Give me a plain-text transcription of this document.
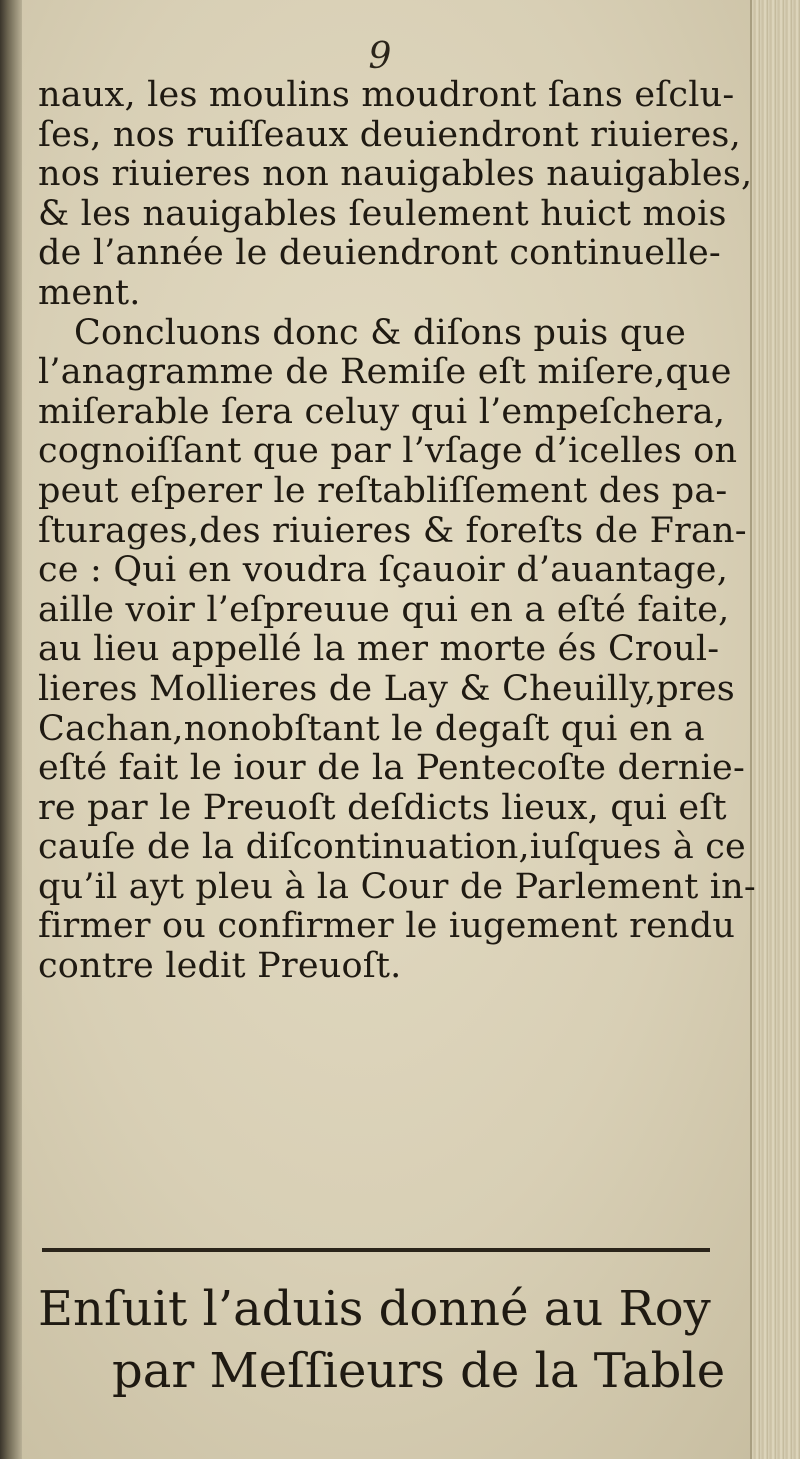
9
naux, les moulins moudront ſans eſclu-
ſes, nos ruiſſeaux deuiendront riuieres,
nos riuieres non nauigables nauigables,
& les nauigables ſeulement huict mois
de l’année le deuiendront continuelle-
ment.
Concluons donc & diſons puis que
l’anagramme de Remiſe eſt miſere,que
miſerable ſera celuy qui l’empeſchera,
cognoiſſant que par l’vſage d’icelles on
peut eſperer le reſtabliſſement des pa-
ſturages,des riuieres & foreſts de Fran-
ce : Qui en voudra ſçauoir d’auantage,
aille voir l’eſpreuue qui en a eſté faite,
au lieu appellé la mer morte és Croul-
lieres Mollieres de Lay & Cheuilly,pres
Cachan,nonobſtant le degaſt qui en a
eſté fait le iour de la Pentecoſte dernie-
re par le Preuoſt deſdicts lieux, qui eſt
cauſe de la diſcontinuation,iuſques à ce
qu’il ayt pleu à la Cour de Parlement in-
firmer ou confirmer le iugement rendu
contre ledit Preuoſt.
Enſuit l’aduis donné au Roy
par Meſſieurs de la Table
